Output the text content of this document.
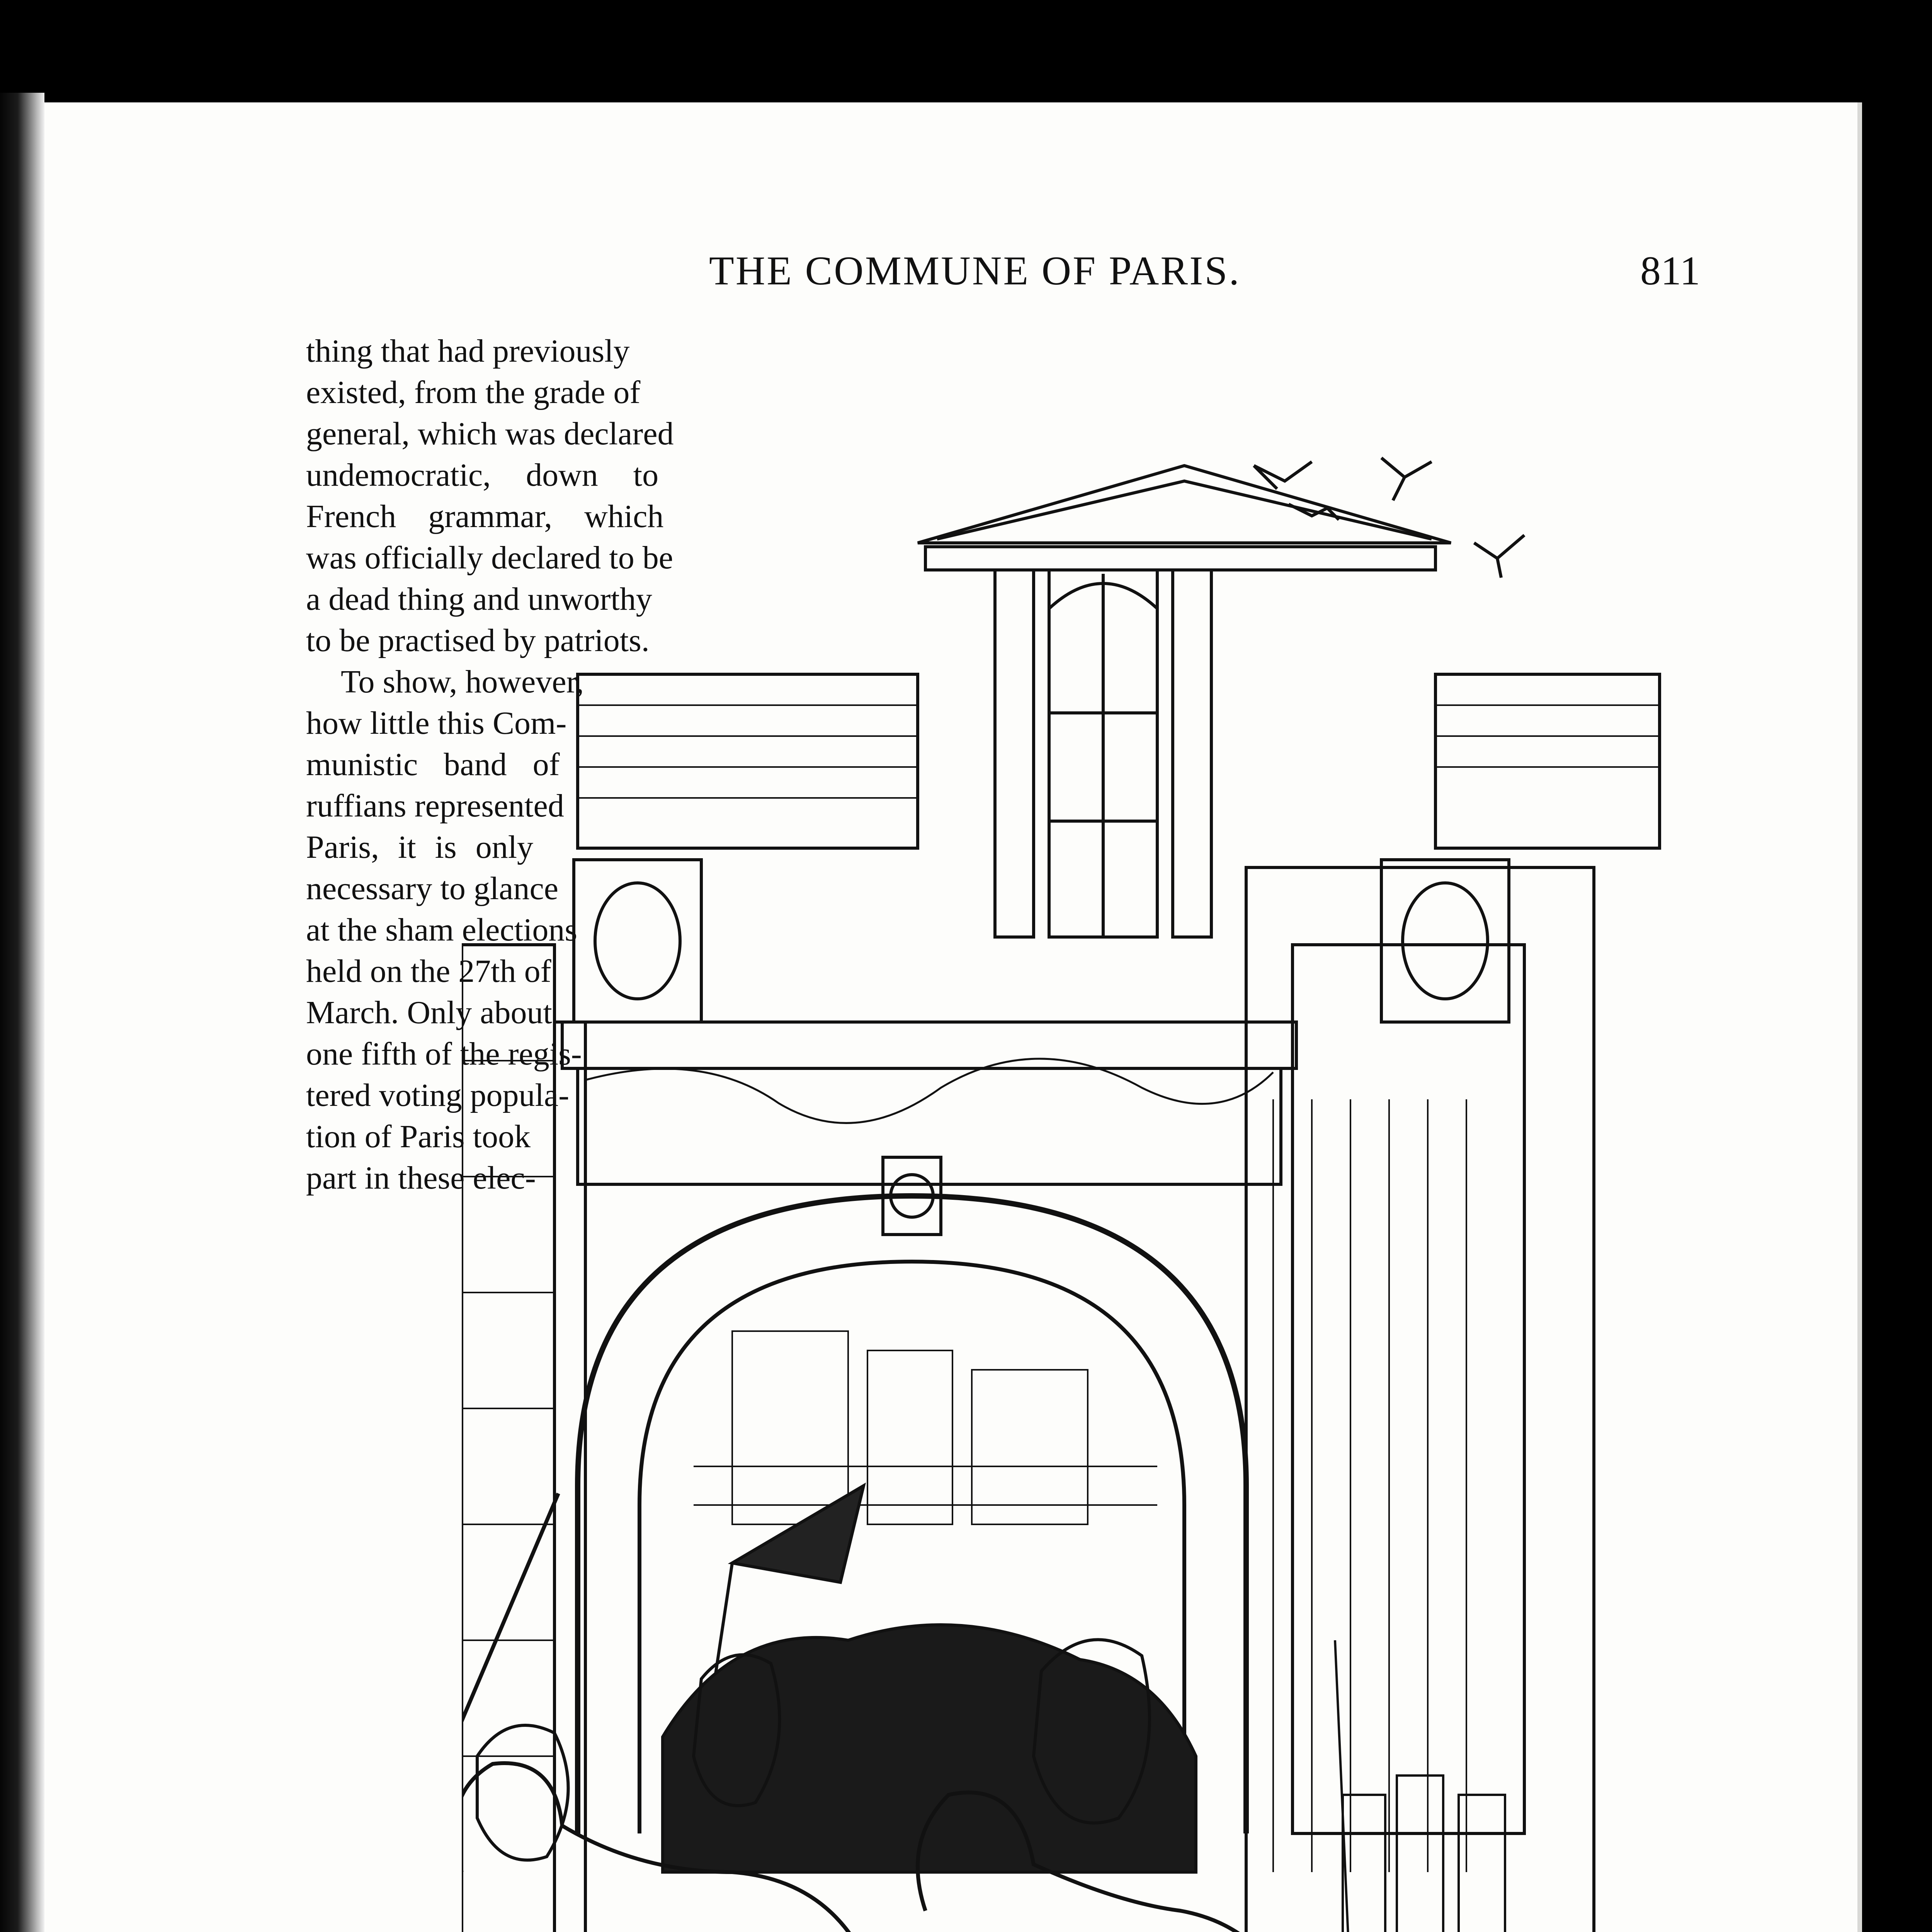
THE COMMUNE OF PARIS.	811

thing that had previously

existed, from the grade of

general, which was declared

undemocratic, down to

French grammar, which

was officially declared to be

a dead thing and unworthy

to be practised by patriots.

To show, however,

how little this Com-

munistic band of

ruffians represented

Paris, it is only

necessary to glance

at the sham elections

held on the 27th of

March. Only about

one fifth of the regis-

tered voting popula-

tion of Paris took

part in these elec-
